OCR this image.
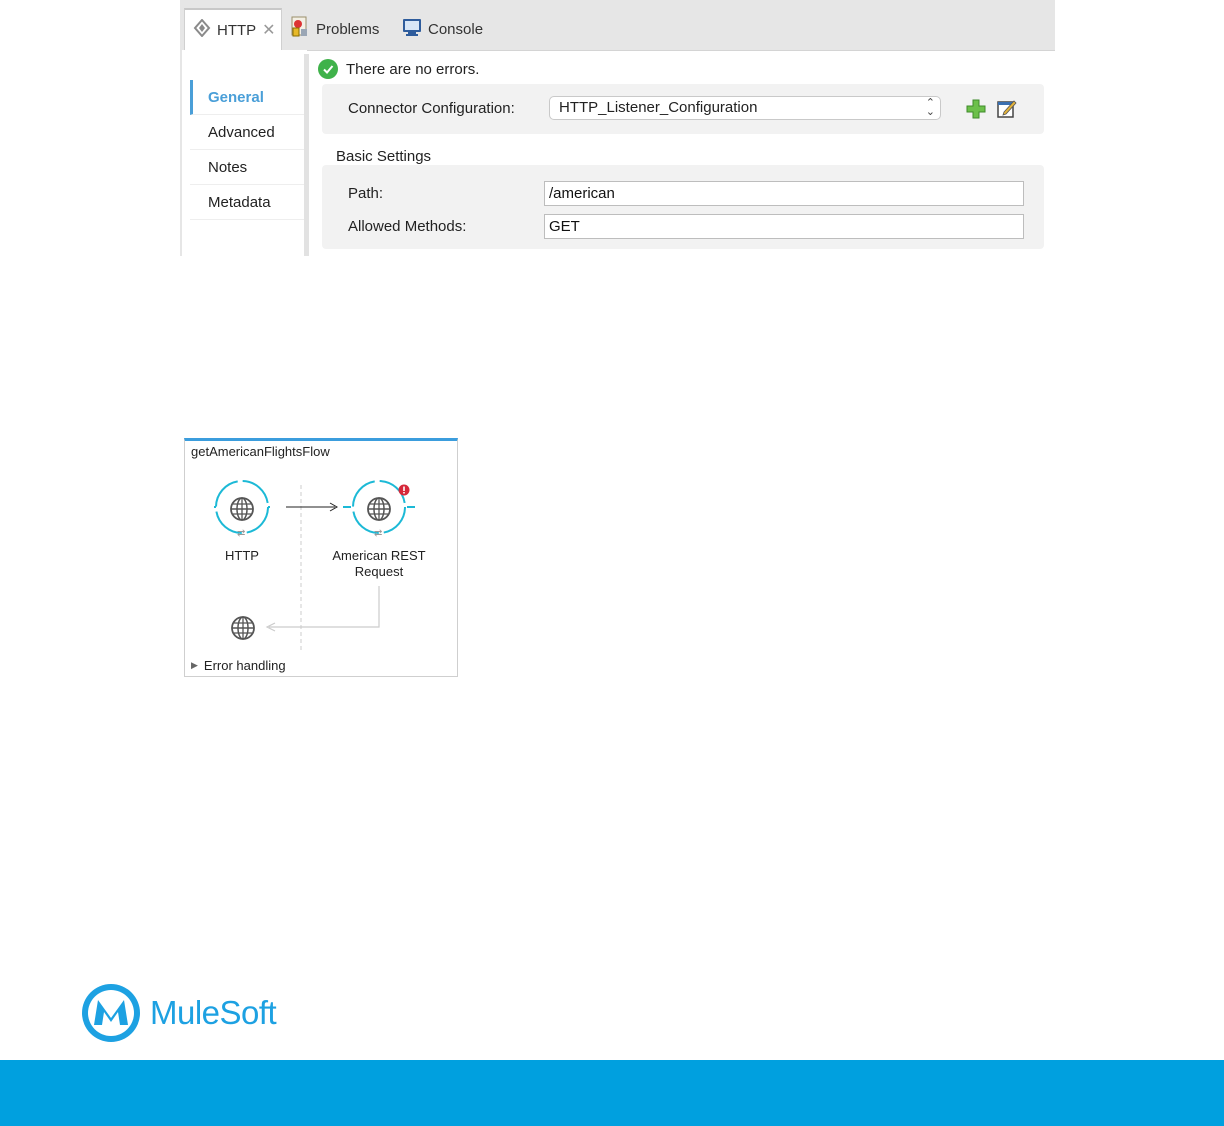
HTTP ✕	Problems	Console
General
Advanced
Notes
Metadata
There are no errors.
Connector Configuration:	HTTP_Listener_Configuration	⌃
⌄
Basic Settings
Path:
/american
Allowed Methods:
GET
getAmericanFlightsFlow
⇄
HTTP
⇄
American REST
Request
▶ Error handling
MuleSoft
